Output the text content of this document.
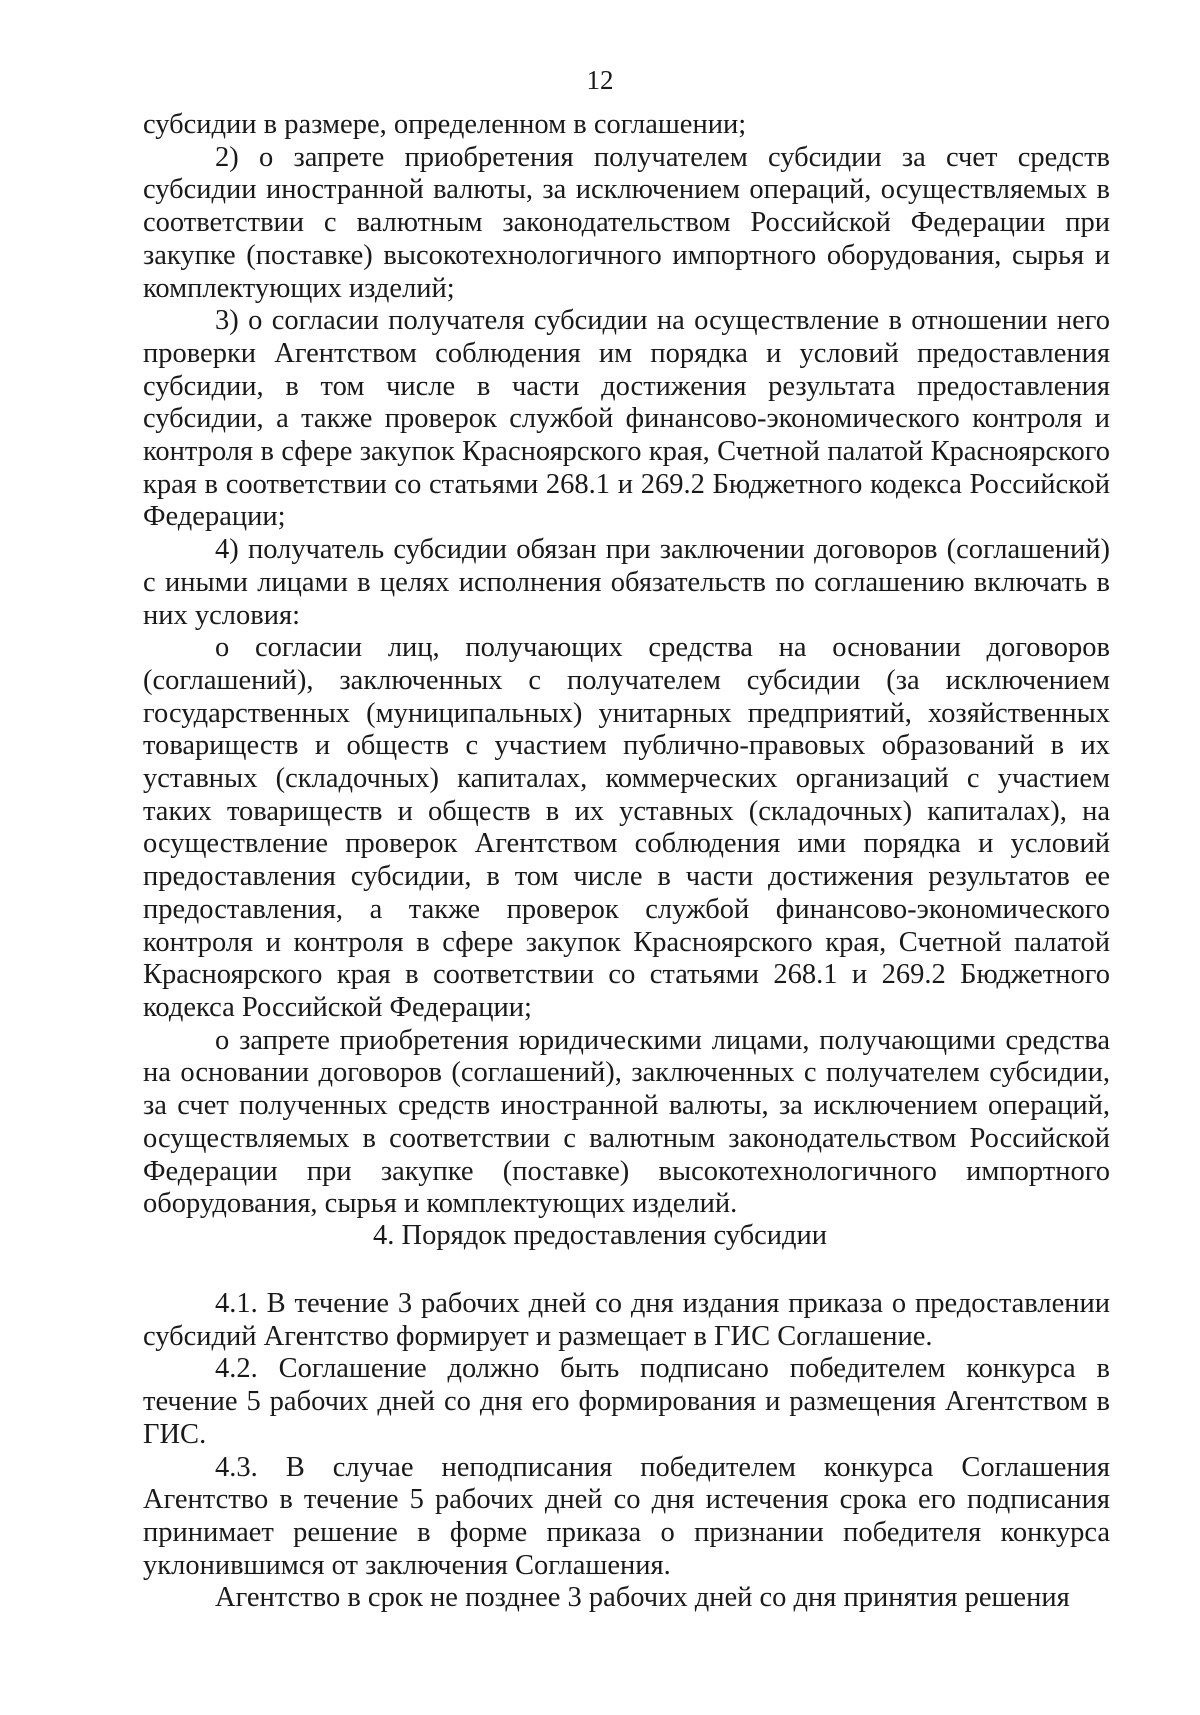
12

субсидии в размере, определенном в соглашении;

2) о запрете приобретения получателем субсидии за счет средств субсидии иностранной валюты, за исключением операций, осуществляемых в соответствии с валютным законодательством Российской Федерации при закупке (поставке) высокотехнологичного импортного оборудования, сырья и комплектующих изделий;

3) о согласии получателя субсидии на осуществление в отношении него проверки Агентством соблюдения им порядка и условий предоставления субсидии, в том числе в части достижения результата предоставления субсидии, а также проверок службой финансово-экономического контроля и контроля в сфере закупок Красноярского края, Счетной палатой Красноярского края в соответствии со статьями 268.1 и 269.2 Бюджетного кодекса Российской Федерации;

4) получатель субсидии обязан при заключении договоров (соглашений) с иными лицами в целях исполнения обязательств по соглашению включать в них условия:

о согласии лиц, получающих средства на основании договоров (соглашений), заключенных с получателем субсидии (за исключением государственных (муниципальных) унитарных предприятий, хозяйственных товариществ и обществ с участием публично-правовых образований в их уставных (складочных) капиталах, коммерческих организаций с участием таких товариществ и обществ в их уставных (складочных) капиталах), на осуществление проверок Агентством соблюдения ими порядка и условий предоставления субсидии, в том числе в части достижения результатов ее предоставления, а также проверок службой финансово-экономического контроля и контроля в сфере закупок Красноярского края, Счетной палатой Красноярского края в соответствии со статьями 268.1 и 269.2 Бюджетного кодекса Российской Федерации;

о запрете приобретения юридическими лицами, получающими средства на основании договоров (соглашений), заключенных с получателем субсидии, за счет полученных средств иностранной валюты, за исключением операций, осуществляемых в соответствии с валютным законодательством Российской Федерации при закупке (поставке) высокотехнологичного импортного оборудования, сырья и комплектующих изделий.

4. Порядок предоставления субсидии

4.1. В течение 3 рабочих дней со дня издания приказа о предоставлении субсидий Агентство формирует и размещает в ГИС Соглашение.

4.2. Соглашение должно быть подписано победителем конкурса в течение 5 рабочих дней со дня его формирования и размещения Агентством в ГИС.

4.3. В случае неподписания победителем конкурса Соглашения Агентство в течение 5 рабочих дней со дня истечения срока его подписания принимает решение в форме приказа о признании победителя конкурса уклонившимся от заключения Соглашения.

Агентство в срок не позднее 3 рабочих дней со дня принятия решения
